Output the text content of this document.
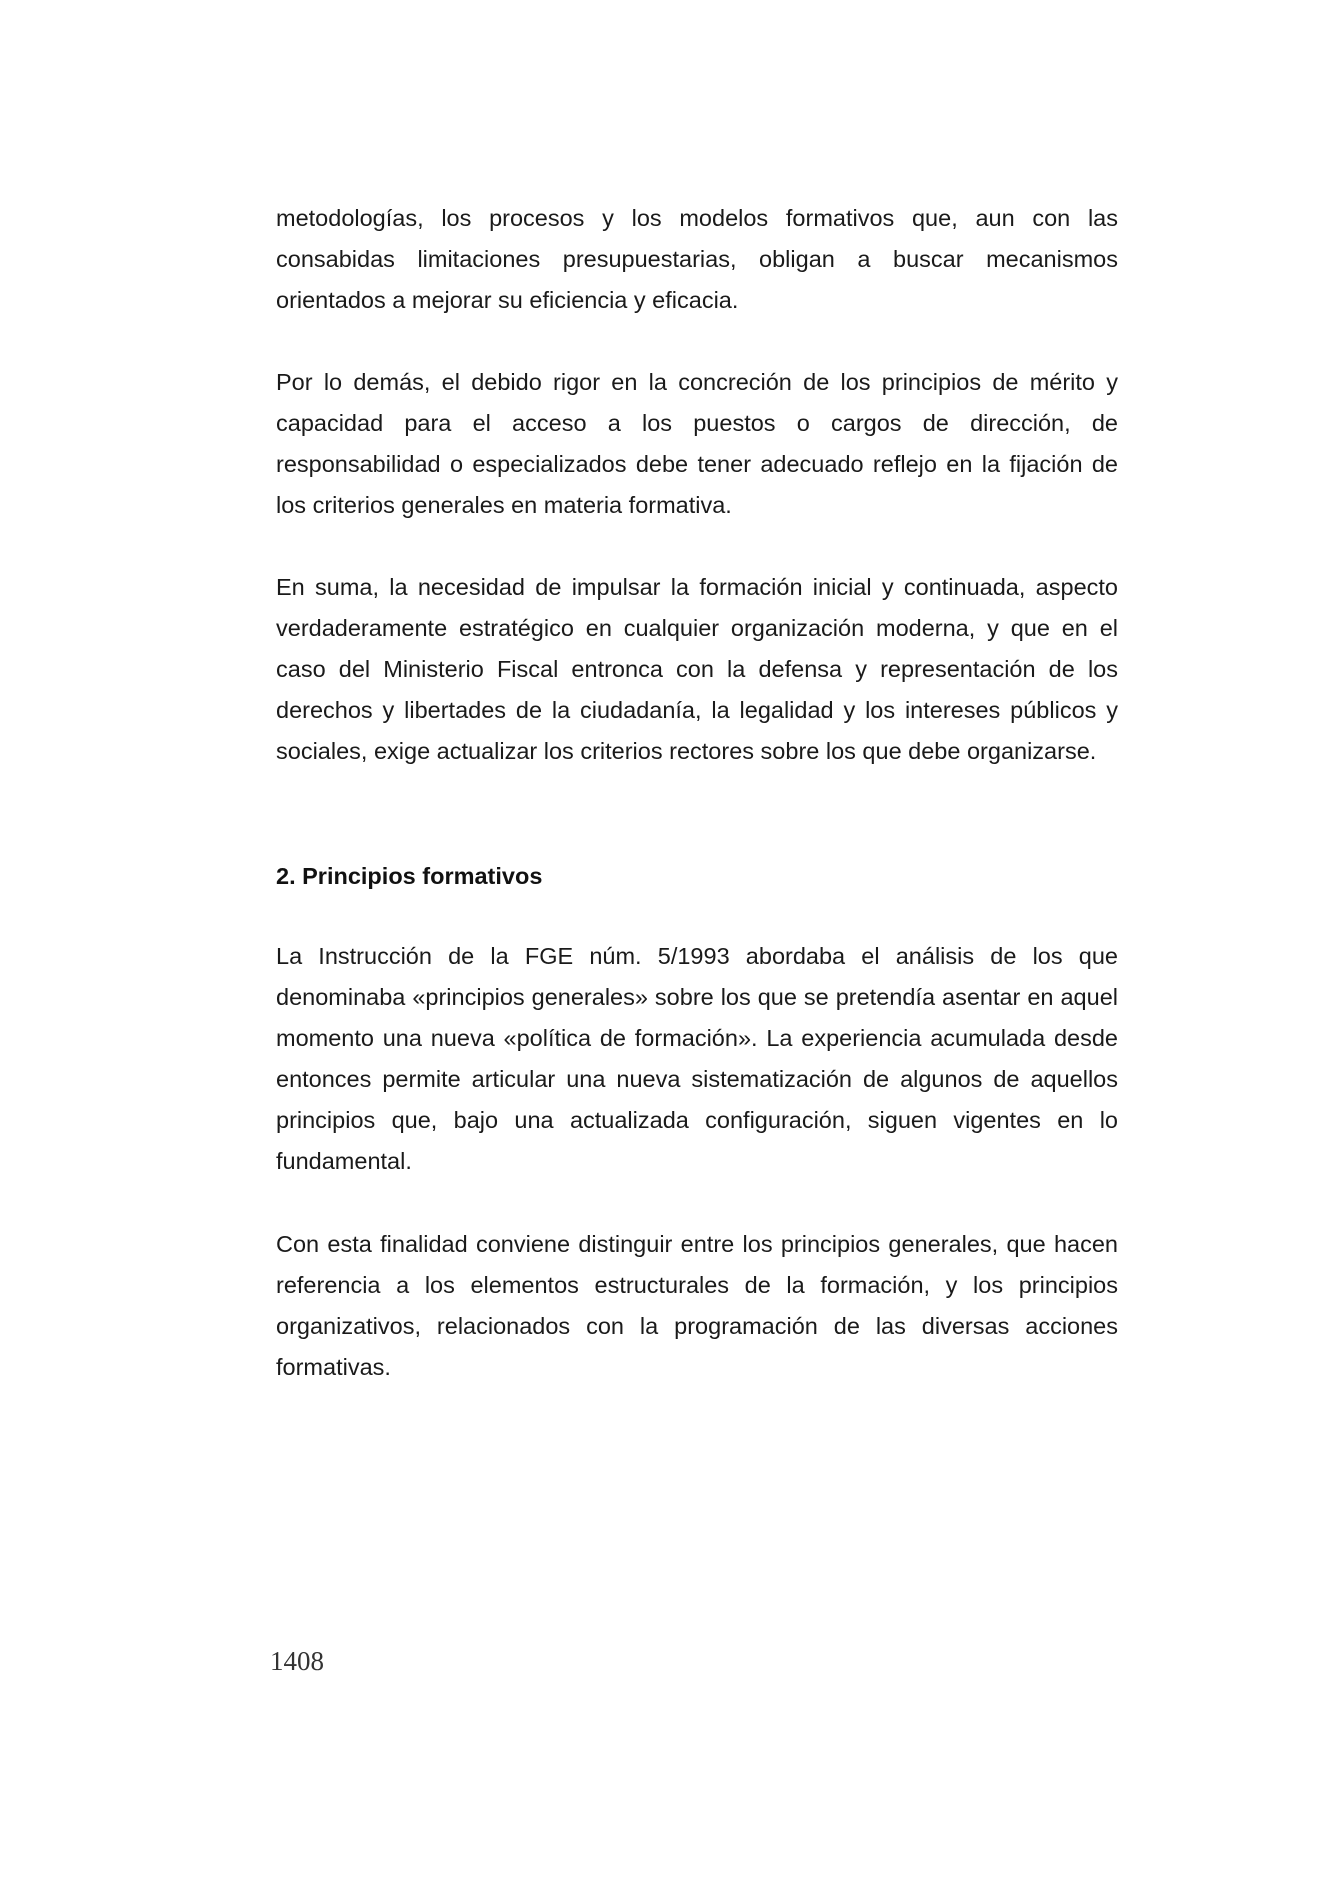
metodologías, los procesos y los modelos formativos que, aun con las consabidas limitaciones presupuestarias, obligan a buscar mecanismos orientados a mejorar su eficiencia y eficacia.

Por lo demás, el debido rigor en la concreción de los principios de mérito y capacidad para el acceso a los puestos o cargos de dirección, de responsabilidad o especializados debe tener adecuado reflejo en la fijación de los criterios generales en materia formativa.

En suma, la necesidad de impulsar la formación inicial y continuada, aspecto verdaderamente estratégico en cualquier organización moderna, y que en el caso del Ministerio Fiscal entronca con la defensa y representación de los derechos y libertades de la ciudadanía, la legalidad y los intereses públicos y sociales, exige actualizar los criterios rectores sobre los que debe organizarse.

2. Principios formativos

La Instrucción de la FGE núm. 5/1993 abordaba el análisis de los que denominaba «principios generales» sobre los que se pretendía asentar en aquel momento una nueva «política de formación». La experiencia acumulada desde entonces permite articular una nueva sistematización de algunos de aquellos principios que, bajo una actualizada configuración, siguen vigentes en lo fundamental.

Con esta finalidad conviene distinguir entre los principios generales, que hacen referencia a los elementos estructurales de la formación, y los principios organizativos, relacionados con la programación de las diversas acciones formativas.

1408
